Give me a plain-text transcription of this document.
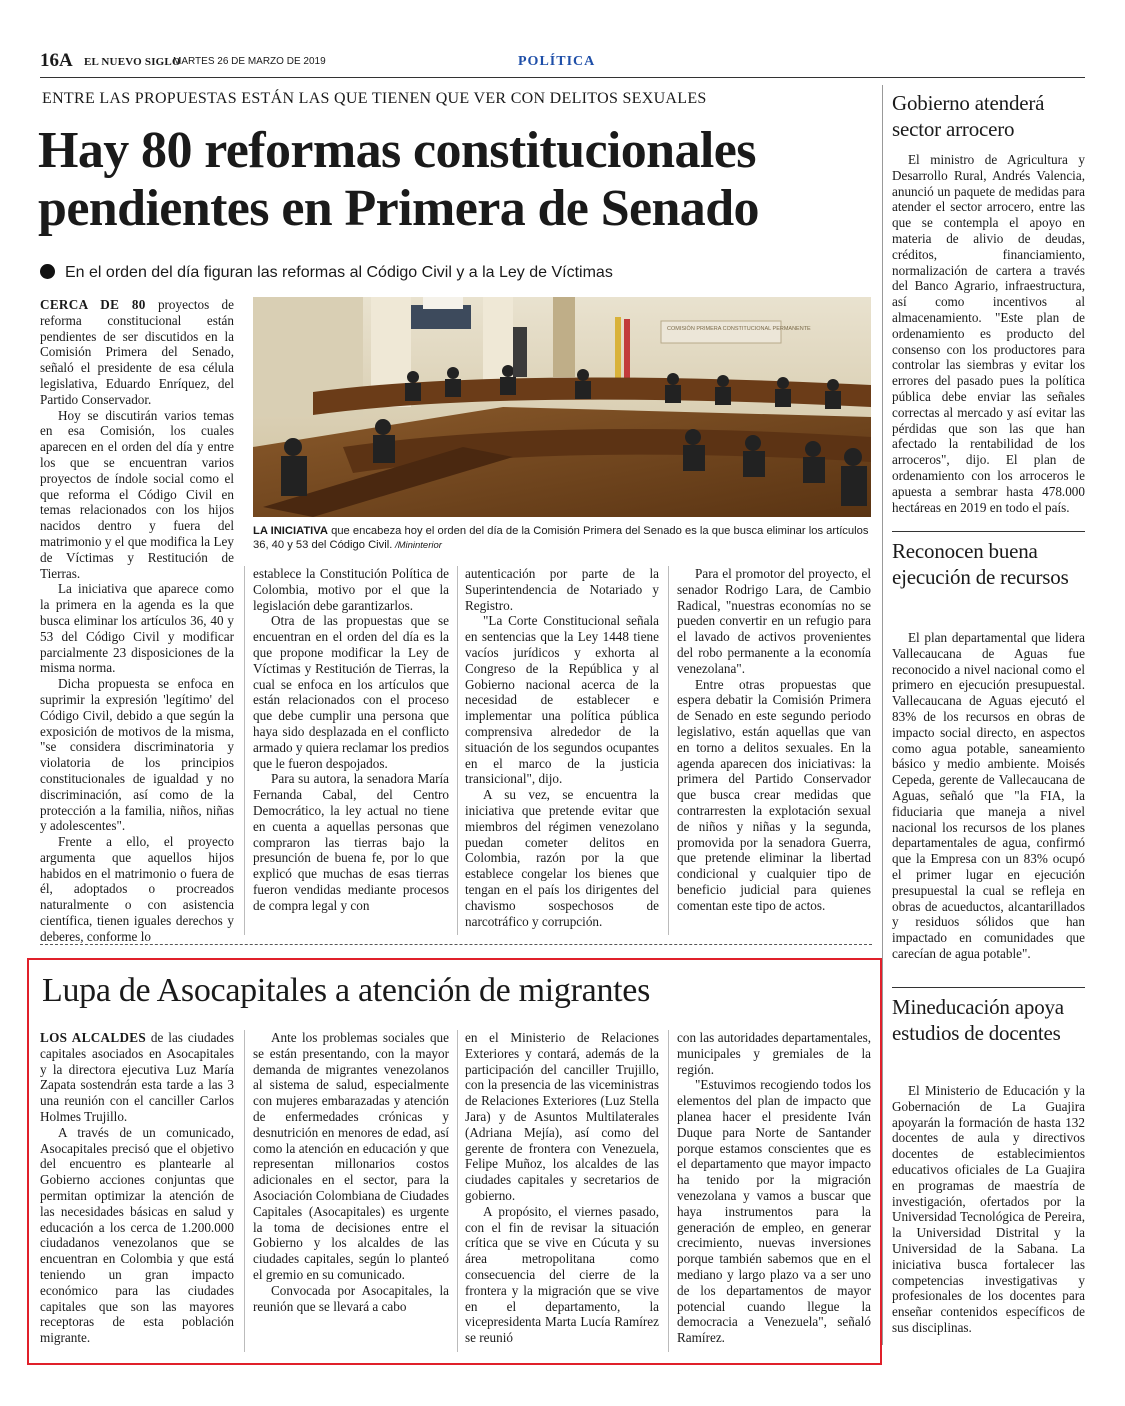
16A EL NUEVO SIGLO
MARTES 26 DE MARZO DE 2019	POLÍTICA
ENTRE LAS PROPUESTAS ESTÁN LAS QUE TIENEN QUE VER CON DELITOS SEXUALES
Hay 80 reformas constitucionales pendientes en Primera de Senado
En el orden del día figuran las reformas al Código Civil y a la Ley de Víctimas

CERCA DE 80 proyectos de reforma constitucional están pendientes de ser discutidos en la Comisión Primera del Senado, señaló el presidente de esa célula legislativa, Eduardo Enríquez, del Partido Conservador.

Hoy se discutirán varios temas en esa Comisión, los cuales aparecen en el orden del día y entre los que se encuentran varios proyectos de índole social como el que reforma el Código Civil en temas relacionados con los hijos nacidos dentro y fuera del matrimonio y el que modifica la Ley de Víctimas y Restitución de Tierras.

La iniciativa que aparece como la primera en la agenda es la que busca eliminar los artículos 36, 40 y 53 del Código Civil y modificar parcialmente 23 disposiciones de la misma norma.

Dicha propuesta se enfoca en suprimir la expresión 'legítimo' del Código Civil, debido a que según la exposición de motivos de la misma, "se considera discriminatoria y violatoria de los principios constitucionales de igualdad y no discriminación, así como de la protección a la familia, niños, niñas y adolescentes".

Frente a ello, el proyecto argumenta que aquellos hijos habidos en el matrimonio o fuera de él, adoptados o procreados naturalmente o con asistencia científica, tienen iguales derechos y deberes, conforme lo

COMISIÓN PRIMERA CONSTITUCIONAL PERMANENTE
LA INICIATIVA que encabeza hoy el orden del día de la Comisión Primera del Senado es la que busca eliminar los artículos 36, 40 y 53 del Código Civil. /Mininterior

establece la Constitución Política de Colombia, motivo por el que la legislación debe garantizarlos.

Otra de las propuestas que se encuentran en el orden del día es la que propone modificar la Ley de Víctimas y Restitución de Tierras, la cual se enfoca en los artículos que están relacionados con el proceso que debe cumplir una persona que haya sido desplazada en el conflicto armado y quiera reclamar los predios que le fueron despojados.

Para su autora, la senadora María Fernanda Cabal, del Centro Democrático, la ley actual no tiene en cuenta a aquellas personas que compraron las tierras bajo la presunción de buena fe, por lo que explicó que muchas de esas tierras fueron vendidas mediante procesos de compra legal y con

autenticación por parte de la Superintendencia de Notariado y Registro.

"La Corte Constitucional señala en sentencias que la Ley 1448 tiene vacíos jurídicos y exhorta al Congreso de la República y al Gobierno nacional acerca de la necesidad de establecer e implementar una política pública comprensiva alrededor de la situación de los segundos ocupantes en el marco de la justicia transicional", dijo.

A su vez, se encuentra la iniciativa que pretende evitar que miembros del régimen venezolano puedan cometer delitos en Colombia, razón por la que establece congelar los bienes que tengan en el país los dirigentes del chavismo sospechosos de narcotráfico y corrupción.

Para el promotor del proyecto, el senador Rodrigo Lara, de Cambio Radical, "nuestras economías no se pueden convertir en un refugio para el lavado de activos provenientes del robo permanente a la economía venezolana".

Entre otras propuestas que espera debatir la Comisión Primera de Senado en este segundo periodo legislativo, están aquellas que van en torno a delitos sexuales. En la agenda aparecen dos iniciativas: la primera del Partido Conservador que busca crear medidas que contrarresten la explotación sexual de niños y niñas y la segunda, promovida por la senadora Guerra, que pretende eliminar la libertad condicional y cualquier tipo de beneficio judicial para quienes comentan este tipo de actos.

Lupa de Asocapitales a atención de migrantes

LOS ALCALDES de las ciudades capitales asociados en Asocapitales y la directora ejecutiva Luz María Zapata sostendrán esta tarde a las 3 una reunión con el canciller Carlos Holmes Trujillo.

A través de un comunicado, Asocapitales precisó que el objetivo del encuentro es plantearle al Gobierno acciones conjuntas que permitan optimizar la atención de las necesidades básicas en salud y educación a los cerca de 1.200.000 ciudadanos venezolanos que se encuentran en Colombia y que está teniendo un gran impacto económico para las ciudades capitales que son las mayores receptoras de esta población migrante.

Ante los problemas sociales que se están presentando, con la mayor demanda de migrantes venezolanos al sistema de salud, especialmente con mujeres embarazadas y atención de enfermedades crónicas y desnutrición en menores de edad, así como la atención en educación y que representan millonarios costos adicionales en el sector, para la Asociación Colombiana de Ciudades Capitales (Asocapitales) es urgente la toma de decisiones entre el Gobierno y los alcaldes de las ciudades capitales, según lo planteó el gremio en su comunicado.

Convocada por Asocapitales, la reunión que se llevará a cabo

en el Ministerio de Relaciones Exteriores y contará, además de la participación del canciller Trujillo, con la presencia de las viceministras de Relaciones Exteriores (Luz Stella Jara) y de Asuntos Multilaterales (Adriana Mejía), así como del gerente de frontera con Venezuela, Felipe Muñoz, los alcaldes de las ciudades capitales y secretarios de gobierno.

A propósito, el viernes pasado, con el fin de revisar la situación crítica que se vive en Cúcuta y su área metropolitana como consecuencia del cierre de la frontera y la migración que se vive en el departamento, la vicepresidenta Marta Lucía Ramírez se reunió

con las autoridades departamentales, municipales y gremiales de la región.

"Estuvimos recogiendo todos los elementos del plan de impacto que planea hacer el presidente Iván Duque para Norte de Santander porque estamos conscientes que es el departamento que mayor impacto ha tenido por la migración venezolana y vamos a buscar que haya instrumentos para la generación de empleo, en generar crecimiento, nuevas inversiones porque también sabemos que en el mediano y largo plazo va a ser uno de los departamentos de mayor potencial cuando llegue la democracia a Venezuela", señaló Ramírez.

Gobierno atenderá sector arrocero

El ministro de Agricultura y Desarrollo Rural, Andrés Valencia, anunció un paquete de medidas para atender el sector arrocero, entre las que se contempla el apoyo en materia de alivio de deudas, créditos, financiamiento, normalización de cartera a través del Banco Agrario, infraestructura, así como incentivos al almacenamiento. "Este plan de ordenamiento es producto del consenso con los productores para controlar las siembras y evitar los errores del pasado pues la política pública debe enviar las señales correctas al mercado y así evitar las pérdidas que son las que han afectado la rentabilidad de los arroceros", dijo. El plan de ordenamiento con los arroceros le apuesta a sembrar hasta 478.000 hectáreas en 2019 en todo el país.

Reconocen buena ejecución de recursos

El plan departamental que lidera Vallecaucana de Aguas fue reconocido a nivel nacional como el primero en ejecución presupuestal. Vallecaucana de Aguas ejecutó el 83% de los recursos en obras de impacto social directo, en aspectos como agua potable, saneamiento básico y medio ambiente. Moisés Cepeda, gerente de Vallecaucana de Aguas, señaló que "la FIA, la fiduciaria que maneja a nivel nacional los recursos de los planes departamentales de agua, confirmó que la Empresa con un 83% ocupó el primer lugar en ejecución presupuestal la cual se refleja en obras de acueductos, alcantarillados y residuos sólidos que han impactado en comunidades que carecían de agua potable".

Mineducación apoya estudios de docentes

El Ministerio de Educación y la Gobernación de La Guajira apoyarán la formación de hasta 132 docentes de aula y directivos docentes de establecimientos educativos oficiales de La Guajira en programas de maestría de investigación, ofertados por la Universidad Tecnológica de Pereira, la Universidad Distrital y la Universidad de la Sabana. La iniciativa busca fortalecer las competencias investigativas y profesionales de los docentes para enseñar contenidos específicos de sus disciplinas.
